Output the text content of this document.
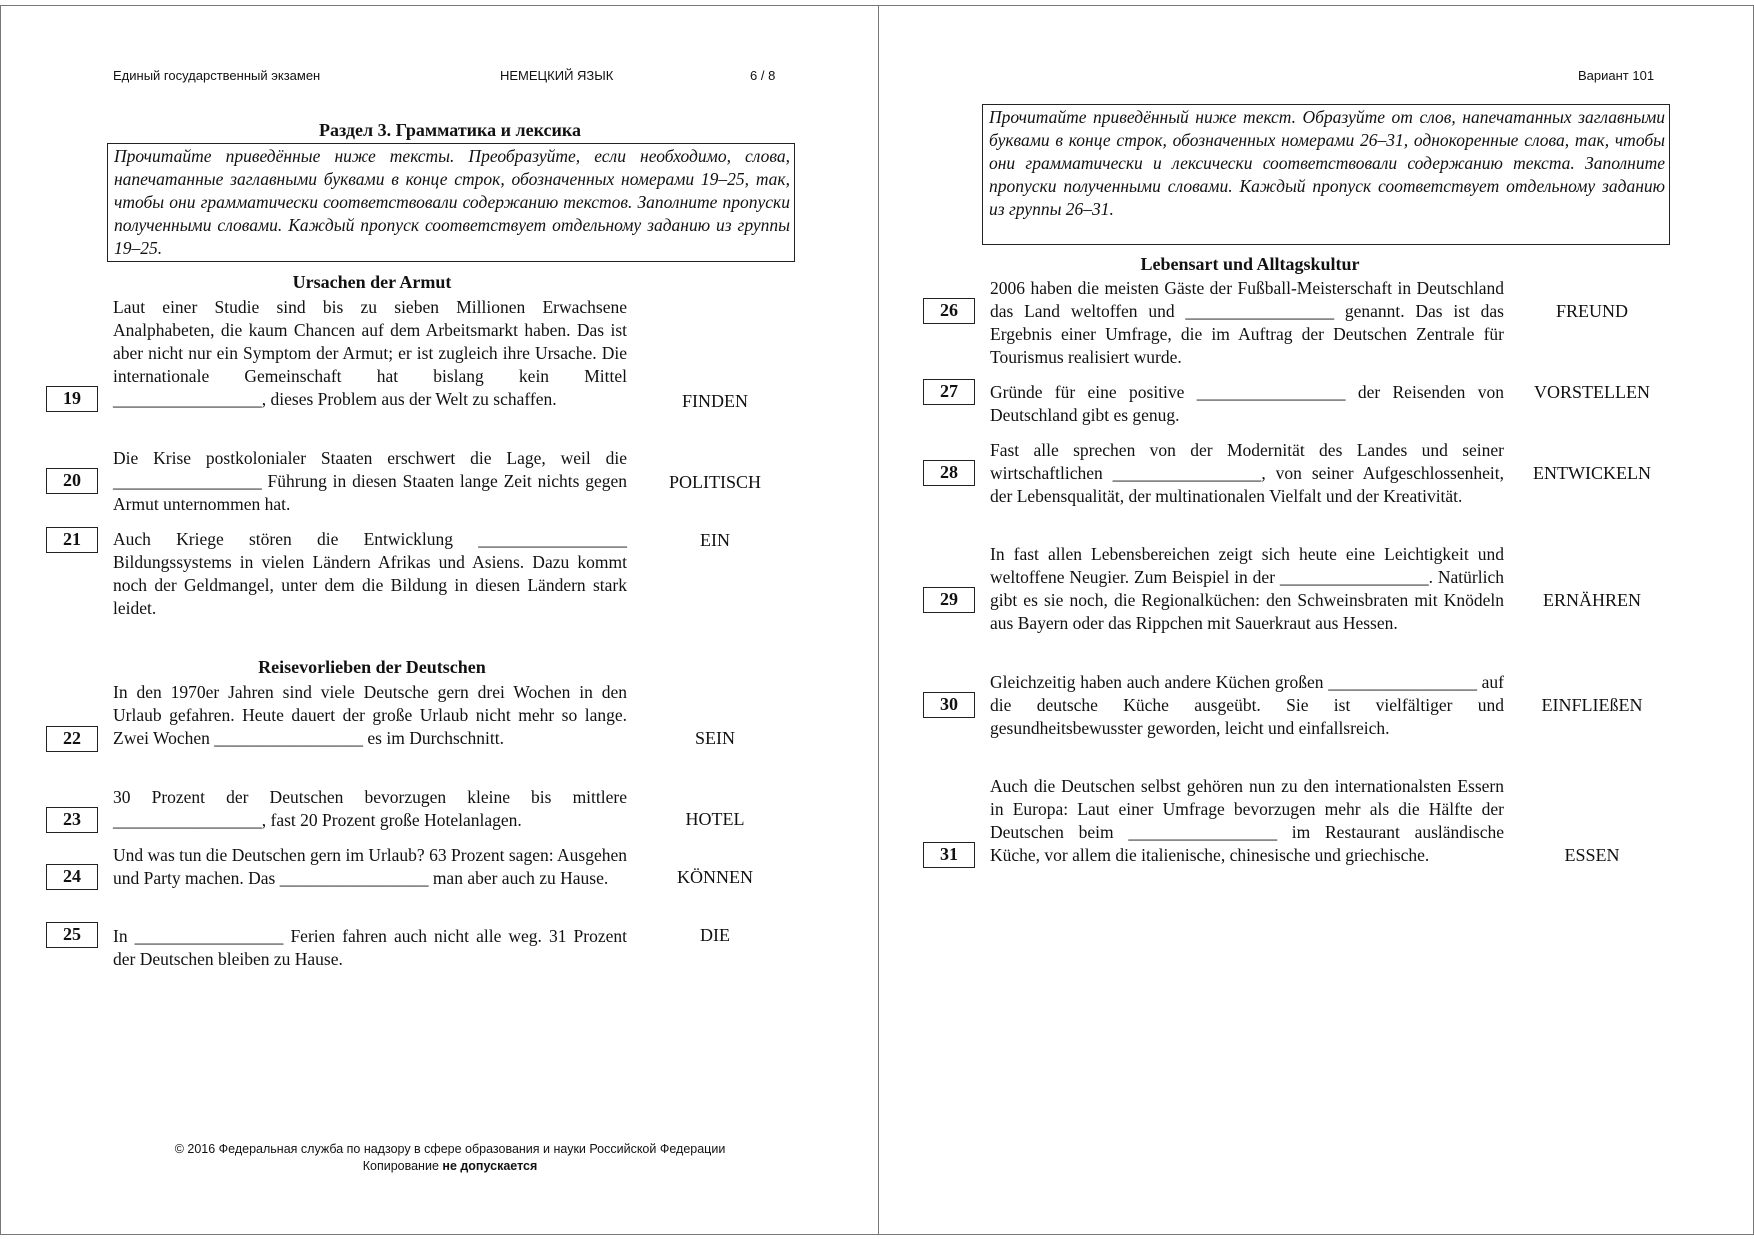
Единый государственный экзамен	НЕМЕЦКИЙ ЯЗЫК	6 / 8
Раздел 3. Грамматика и лексика
Прочитайте приведённые ниже тексты. Преобразуйте, если необходимо, слова, напечатанные заглавными буквами в конце строк, обозначенных номерами 19–25, так, чтобы они грамматически соответствовали содержанию текстов. Заполните пропуски полученными словами. Каждый пропуск соответствует отдельному заданию из группы 19–25.
Ursachen der Armut
Laut einer Studie sind bis zu sieben Millionen Erwachsene Analphabeten, die kaum Chancen auf dem Arbeitsmarkt haben. Das ist aber nicht nur ein Symptom der Armut; er ist zugleich ihre Ursache. Die internationale Gemeinschaft hat bislang kein Mittel _________________, dieses Problem aus der Welt zu schaffen.
19	FINDEN
Die Krise postkolonialer Staaten erschwert die Lage, weil die _________________ Führung in diesen Staaten lange Zeit nichts gegen Armut unternommen hat.
20	POLITISCH
Auch Kriege stören die Entwicklung _________________ Bildungssystems in vielen Ländern Afrikas und Asiens. Dazu kommt noch der Geldmangel, unter dem die Bildung in diesen Ländern stark leidet.
21	EIN
Reisevorlieben der Deutschen
In den 1970er Jahren sind viele Deutsche gern drei Wochen in den Urlaub gefahren. Heute dauert der große Urlaub nicht mehr so lange. Zwei Wochen _________________ es im Durchschnitt.
22	SEIN
30 Prozent der Deutschen bevorzugen kleine bis mittlere _________________, fast 20 Prozent große Hotelanlagen.
23	HOTEL
Und was tun die Deutschen gern im Urlaub? 63 Prozent sagen: Ausgehen und Party machen. Das _________________ man aber auch zu Hause.
24	KÖNNEN
In _________________ Ferien fahren auch nicht alle weg. 31 Prozent der Deutschen bleiben zu Hause.
25	DIE
© 2016 Федеральная служба по надзору в сфере образования и науки Российской Федерации
Копирование не допускается
Вариант 101
Прочитайте приведённый ниже текст. Образуйте от слов, напечатанных заглавными буквами в конце строк, обозначенных номерами 26–31, однокоренные слова, так, чтобы они грамматически и лексически соответствовали содержанию текста. Заполните пропуски полученными словами. Каждый пропуск соответствует отдельному заданию из группы 26–31.
Lebensart und Alltagskultur
2006 haben die meisten Gäste der Fußball-Meisterschaft in Deutschland das Land weltoffen und _________________ genannt. Das ist das Ergebnis einer Umfrage, die im Auftrag der Deutschen Zentrale für Tourismus realisiert wurde.
26	FREUND
Gründe für eine positive _________________ der Reisenden von Deutschland gibt es genug.
27	VORSTELLEN
Fast alle sprechen von der Modernität des Landes und seiner wirtschaftlichen _________________, von seiner Aufgeschlossenheit, der Lebensqualität, der multinationalen Vielfalt und der Kreativität.
28	ENTWICKELN
In fast allen Lebensbereichen zeigt sich heute eine Leichtigkeit und weltoffene Neugier. Zum Beispiel in der _________________. Natürlich gibt es sie noch, die Regionalküchen: den Schweinsbraten mit Knödeln aus Bayern oder das Rippchen mit Sauerkraut aus Hessen.
29	ERNÄHREN
Gleichzeitig haben auch andere Küchen großen _________________ auf die deutsche Küche ausgeübt. Sie ist vielfältiger und gesundheitsbewusster geworden, leicht und einfallsreich.
30	EINFLIEßEN
Auch die Deutschen selbst gehören nun zu den internationalsten Essern in Europa: Laut einer Umfrage bevorzugen mehr als die Hälfte der Deutschen beim _________________ im Restaurant ausländische Küche, vor allem die italienische, chinesische und griechische.
31	ESSEN
